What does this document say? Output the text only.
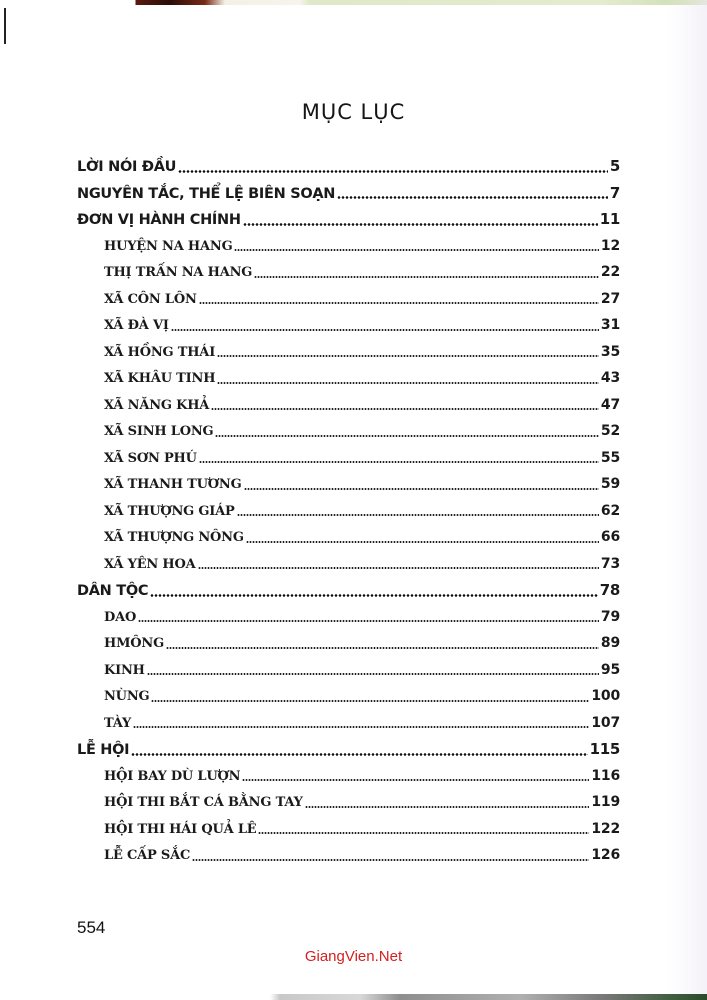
MỤC LỤC
LỜI NÓI ĐẦU	5
NGUYÊN TẮC, THỂ LỆ BIÊN SOẠN	7
ĐƠN VỊ HÀNH CHÍNH	11
HUYỆN NA HANG	12
THỊ TRẤN NA HANG	22
XÃ CÔN LÔN	27
XÃ ĐÀ VỊ	31
XÃ HỒNG THÁI	35
XÃ KHÂU TINH	43
XÃ NĂNG KHẢ	47
XÃ SINH LONG	52
XÃ SƠN PHÚ	55
XÃ THANH TƯƠNG	59
XÃ THƯỢNG GIÁP	62
XÃ THƯỢNG NÔNG	66
XÃ YÊN HOA	73
DÂN TỘC	78
DAO	79
HMÔNG	89
KINH	95
NÙNG	100
TÀY	107
LỄ HỘI	115
HỘI BAY DÙ LƯỢN	116
HỘI THI BẮT CÁ BẰNG TAY	119
HỘI THI HÁI QUẢ LÊ	122
LỄ CẤP SẮC	126
554
GiangVien.Net
